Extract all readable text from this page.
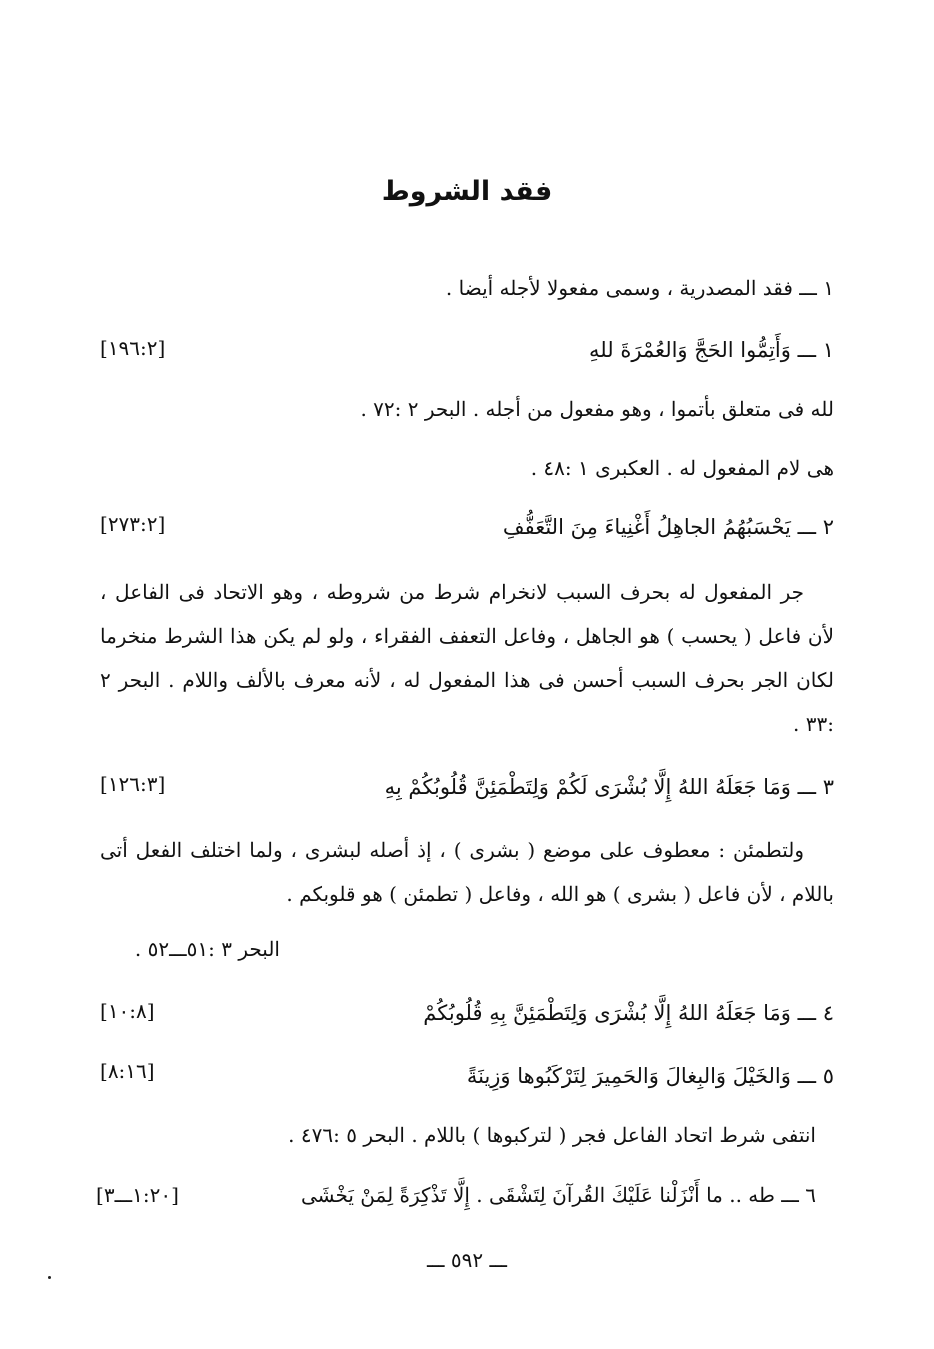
فقد الشروط
١ ـــ فقد المصدرية ، وسمى مفعولا لأجله أيضا .
١ ـــ وَأَتِمُّوا الحَجَّ وَالعُمْرَةَ للهِ
[١٩٦:٢]
لله فى متعلق بأتموا ، وهو مفعول من أجله . البحر ٢ :٧٢ .
هى لام المفعول له . العكبرى ١ :٤٨ .
٢ ـــ يَحْسَبُهُمُ الجاهِلُ أَغْنِياءَ مِنَ التَّعَفُّفِ
[٢٧٣:٢]
جر المفعول له بحرف السبب لانخرام شرط من شروطه ، وهو الاتحاد فى الفاعل ، لأن فاعل ( يحسب ) هو الجاهل ، وفاعل التعفف الفقراء ، ولو لم يكن هذا الشرط منخرما لكان الجر بحرف السبب أحسن فى هذا المفعول له ، لأنه معرف بالألف واللام . البحر ٢ :٣٣ .
٣ ـــ وَمَا جَعَلَهُ اللهُ إِلَّا بُشْرَى لَكُمْ وَلِتَطْمَئِنَّ قُلُوبُكُمْ بِهِ
[١٢٦:٣]
ولتطمئن : معطوف على موضع ( بشرى ) ، إذ أصله لبشرى ، ولما اختلف الفعل أتى باللام ، لأن فاعل ( بشرى ) هو الله ، وفاعل ( تطمئن ) هو قلوبكم .
البحر ٣ :٥١ـــ٥٢ .
٤ ـــ وَمَا جَعَلَهُ اللهُ إِلَّا بُشْرَى وَلِتَطْمَئِنَّ بِهِ قُلُوبُكُمْ
[١٠:٨]
٥ ـــ وَالخَيْلَ وَالبِغالَ وَالحَمِيرَ لِتَرْكَبُوها وَزِينَةً
[٨:١٦]
انتفى شرط اتحاد الفاعل فجر ( لتركبوها ) باللام . البحر ٥ :٤٧٦ .
٦ ـــ طه .. ما أَنْزَلْنا عَلَيْكَ القُرآنَ لِتَشْقَى . إِلَّا تَذْكِرَةً لِمَنْ يَخْشَى
[١:٢٠ـــ٣]
ـــ ٥٩٢ ـــ
